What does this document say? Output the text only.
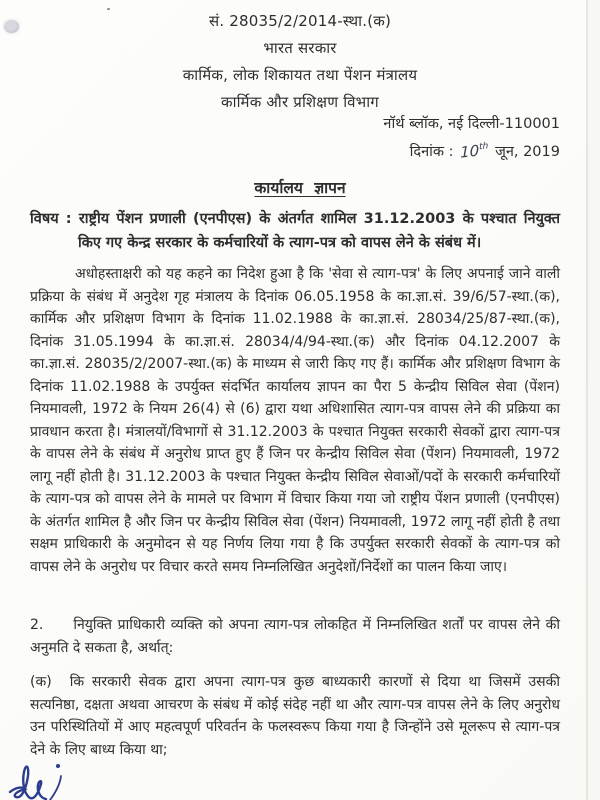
सं. 28035/2/2014-स्था.(क)
भारत सरकार
कार्मिक, लोक शिकायत तथा पेंशन मंत्रालय
कार्मिक और प्रशिक्षण विभाग
नॉर्थ ब्लॉक, नई दिल्ली-110001
दिनांक : 10th जून, 2019
कार्यालय ज्ञापन

विषय : राष्ट्रीय पेंशन प्रणाली (एनपीएस) के अंतर्गत शामिल 31.12.2003 के पश्चात नियुक्त किए गए केन्द्र सरकार के कर्मचारियों के त्याग-पत्र को वापस लेने के संबंध में।

अधोहस्ताक्षरी को यह कहने का निदेश हुआ है कि 'सेवा से त्याग-पत्र' के लिए अपनाई जाने वाली प्रक्रिया के संबंध में अनुदेश गृह मंत्रालय के दिनांक 06.05.1958 के का.ज्ञा.सं. 39/6/57-स्था.(क), कार्मिक और प्रशिक्षण विभाग के दिनांक 11.02.1988 के का.ज्ञा.सं. 28034/25/87-स्था.(क), दिनांक 31.05.1994 के का.ज्ञा.सं. 28034/4/94-स्था.(क) और दिनांक 04.12.2007 के का.ज्ञा.सं. 28035/2/2007-स्था.(क) के माध्यम से जारी किए गए हैं। कार्मिक और प्रशिक्षण विभाग के दिनांक 11.02.1988 के उपर्युक्त संदर्भित कार्यालय ज्ञापन का पैरा 5 केन्द्रीय सिविल सेवा (पेंशन) नियमावली, 1972 के नियम 26(4) से (6) द्वारा यथा अधिशासित त्याग-पत्र वापस लेने की प्रक्रिया का प्रावधान करता है। मंत्रालयों/विभागों से 31.12.2003 के पश्चात नियुक्त सरकारी सेवकों द्वारा त्याग-पत्र के वापस लेने के संबंध में अनुरोध प्राप्त हुए हैं जिन पर केन्द्रीय सिविल सेवा (पेंशन) नियमावली, 1972 लागू नहीं होती है। 31.12.2003 के पश्चात नियुक्त केन्द्रीय सिविल सेवाओं/पदों के सरकारी कर्मचारियों के त्याग-पत्र को वापस लेने के मामले पर विभाग में विचार किया गया जो राष्ट्रीय पेंशन प्रणाली (एनपीएस) के अंतर्गत शामिल है और जिन पर केन्द्रीय सिविल सेवा (पेंशन) नियमावली, 1972 लागू नहीं होती है तथा सक्षम प्राधिकारी के अनुमोदन से यह निर्णय लिया गया है कि उपर्युक्त सरकारी सेवकों के त्याग-पत्र को वापस लेने के अनुरोध पर विचार करते समय निम्नलिखित अनुदेशों/निर्देशों का पालन किया जाए।

2. नियुक्ति प्राधिकारी व्यक्ति को अपना त्याग-पत्र लोकहित में निम्नलिखित शर्तों पर वापस लेने की अनुमति दे सकता है, अर्थात्:

(क) कि सरकारी सेवक द्वारा अपना त्याग-पत्र कुछ बाध्यकारी कारणों से दिया था जिसमें उसकी सत्यनिष्ठा, दक्षता अथवा आचरण के संबंध में कोई संदेह नहीं था और त्याग-पत्र वापस लेने के लिए अनुरोध उन परिस्थितियों में आए महत्वपूर्ण परिवर्तन के फलस्वरूप किया गया है जिन्होंने उसे मूलरूप से त्याग-पत्र देने के लिए बाध्य किया था;
